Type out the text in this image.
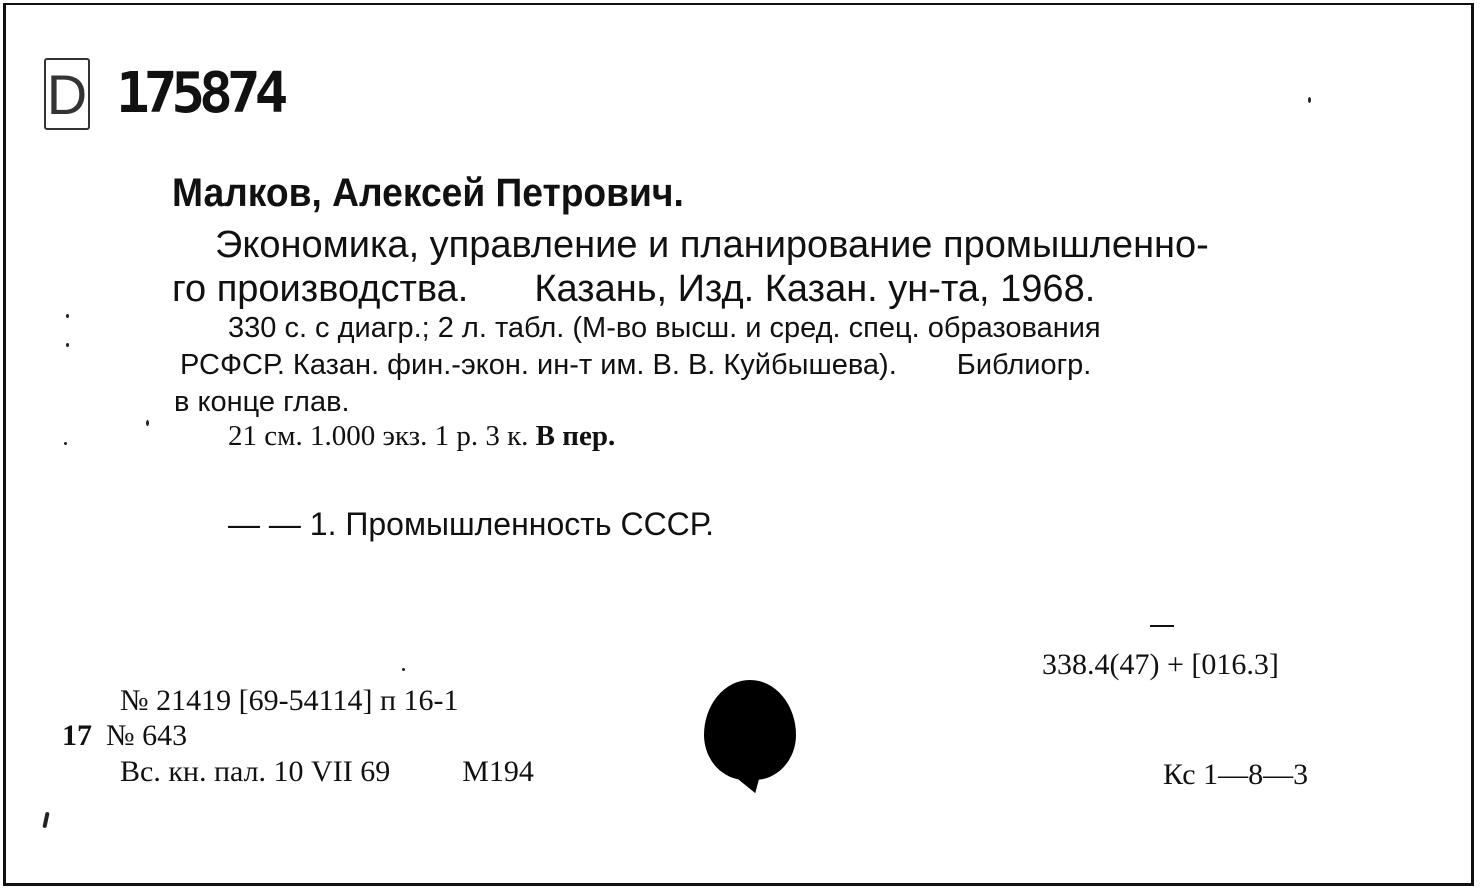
D 175874
Малков, Алексей Петрович.
Экономика, управление и планирование промышленно-
го производства. Казань, Изд. Казан. ун-та, 1968.
330 с. с диагр.; 2 л. табл. (М-во высш. и сред. спец. образования
РСФСР. Казан. фин.-экон. ин-т им. В. В. Куйбышева). Библиогр.
в конце глав.
21 см. 1.000 экз. 1 р. 3 к. В пер.
— — 1. Промышленность СССР.
338.4(47) + [016.3]
№ 21419 [69-54114] п 16-1
17 № 643
Вс. кн. пал. 10 VII 69 М194	Кс 1—8—3
